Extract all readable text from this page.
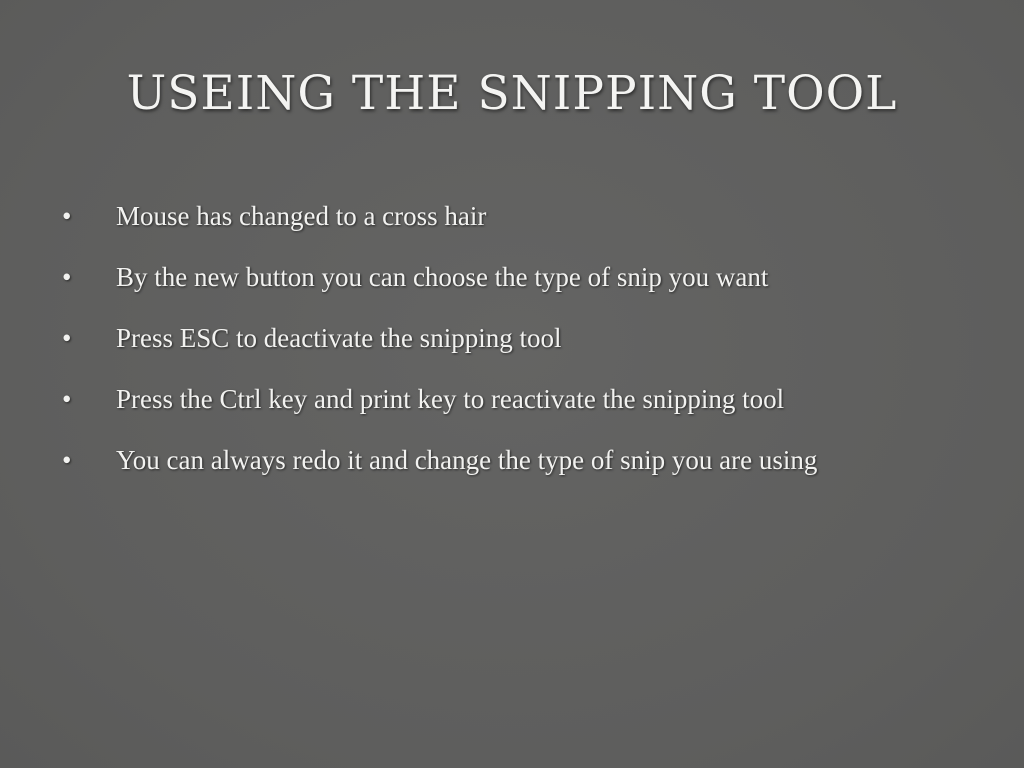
USEING THE SNIPPING TOOL
•	Mouse has changed to a cross hair
•	By the new button you can choose the type of snip you want
•	Press ESC to deactivate the snipping tool
•	Press the Ctrl key and print key to reactivate the snipping tool
•	You can always redo it and change the type of snip you are using
